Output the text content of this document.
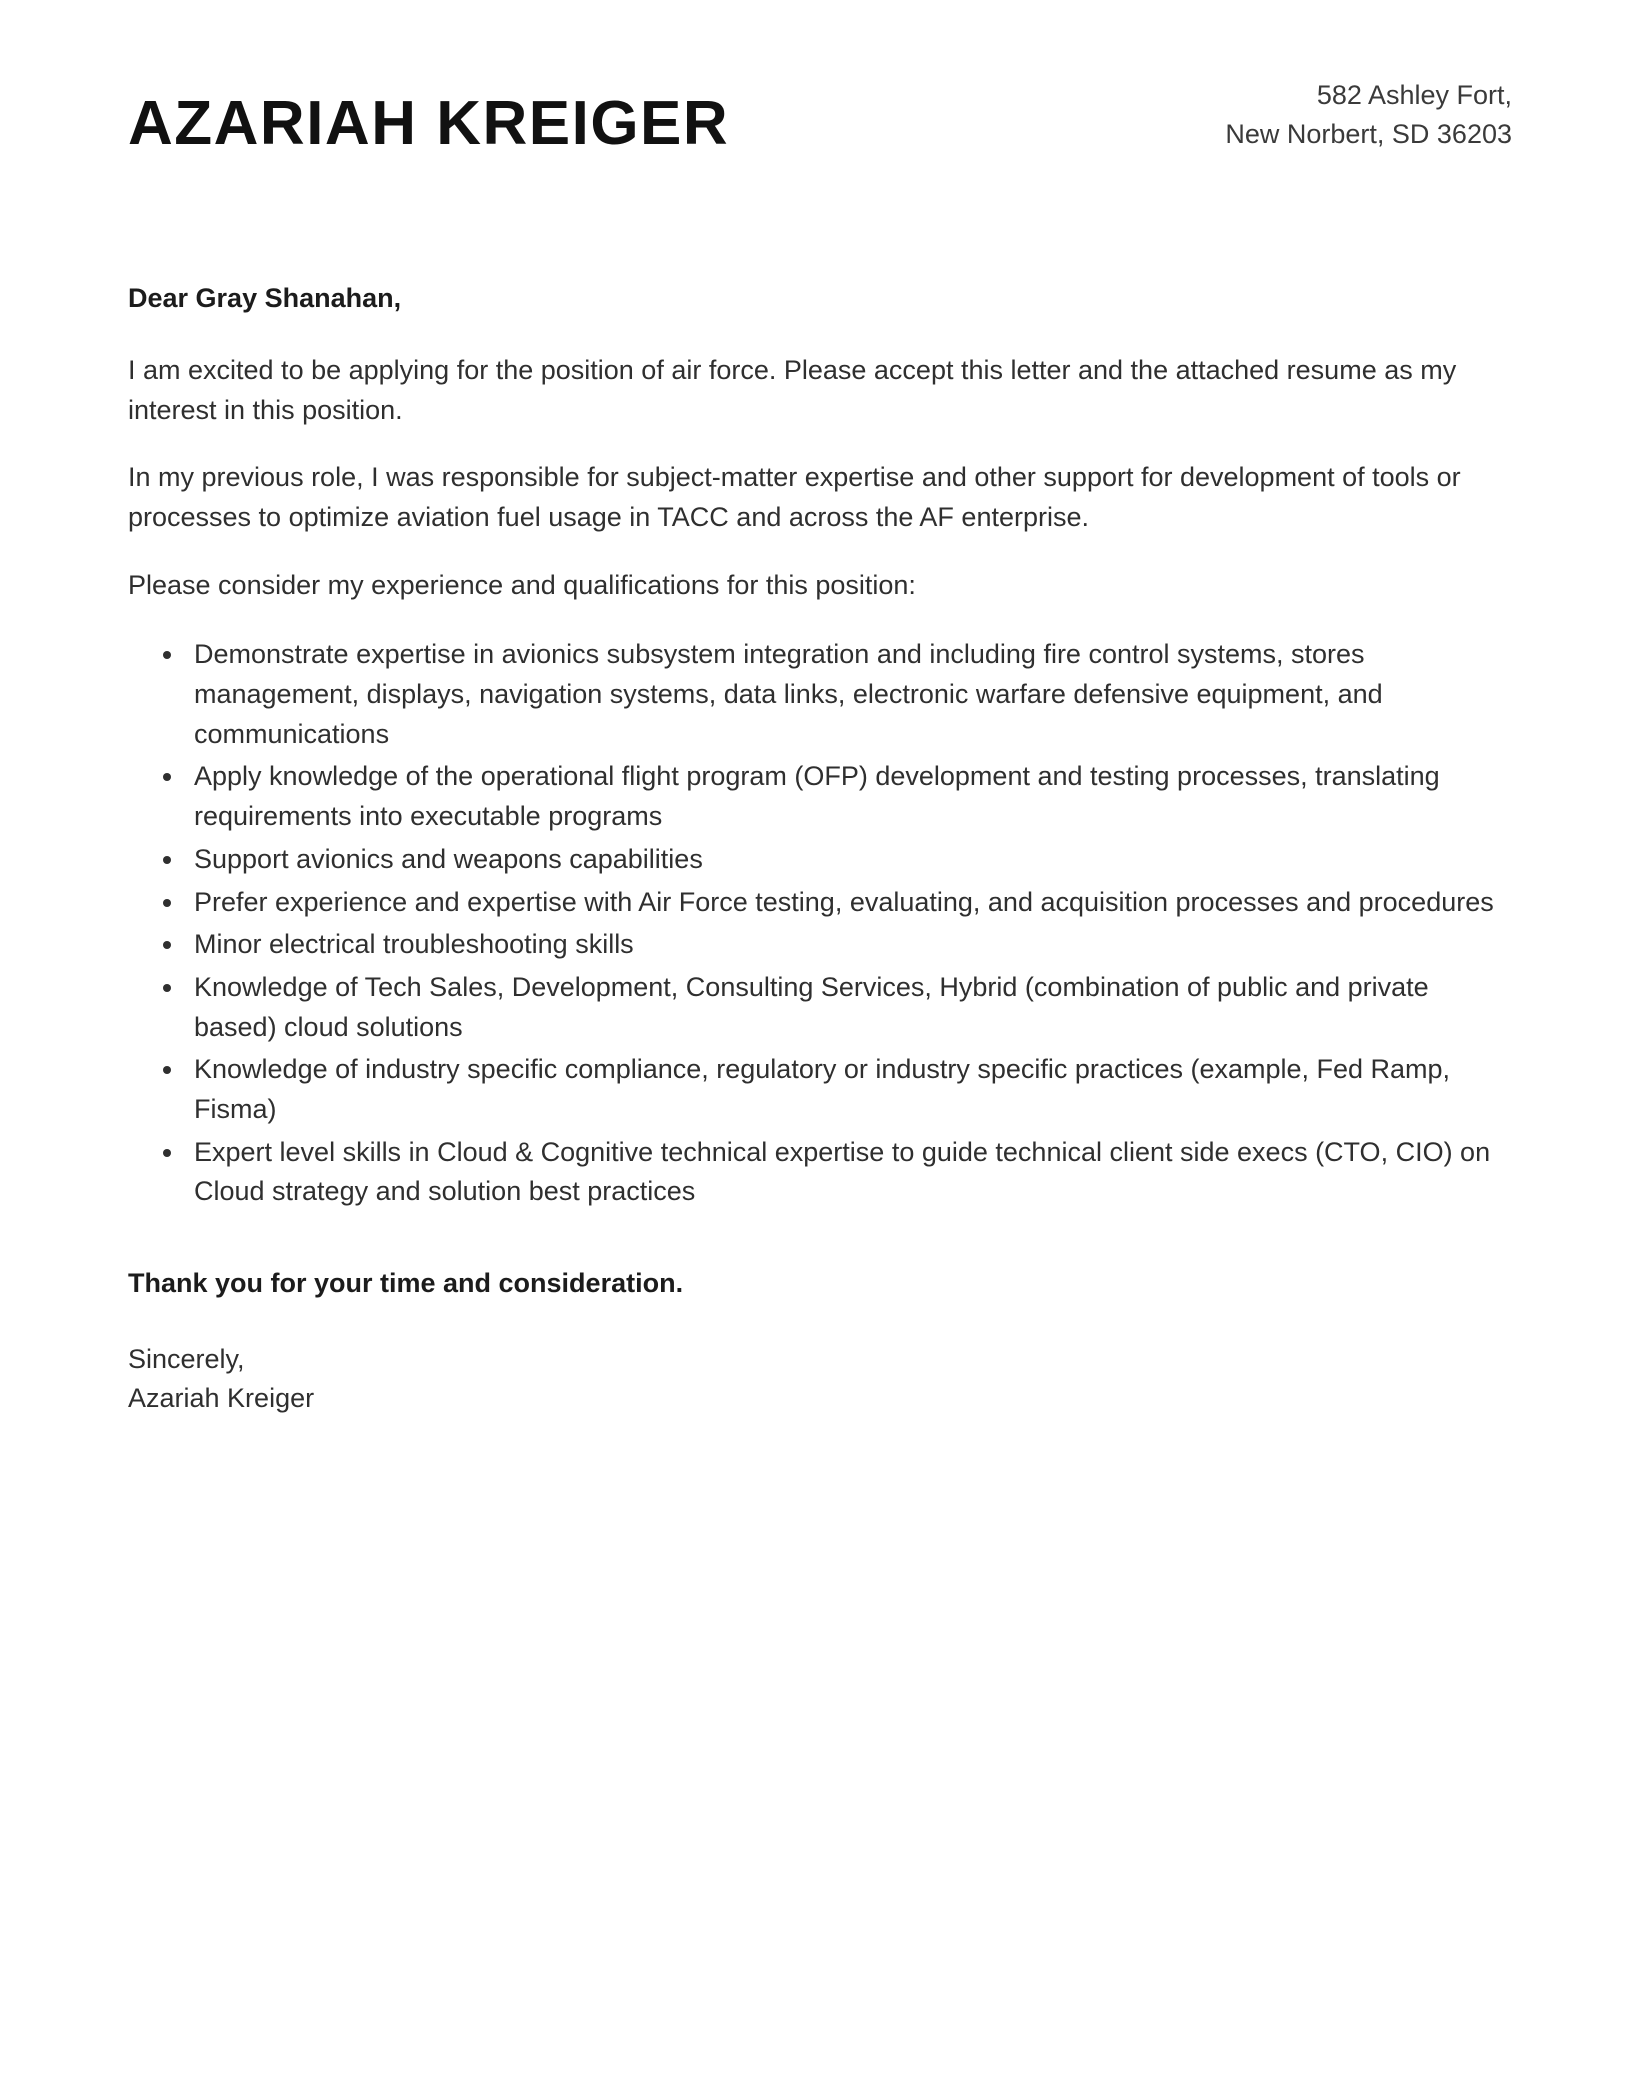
AZARIAH KREIGER	582 Ashley Fort,
New Norbert, SD 36203

Dear Gray Shanahan,

I am excited to be applying for the position of air force. Please accept this letter and the attached resume as my interest in this position.

In my previous role, I was responsible for subject-matter expertise and other support for development of tools or processes to optimize aviation fuel usage in TACC and across the AF enterprise.

Please consider my experience and qualifications for this position:

• Demonstrate expertise in avionics subsystem integration and including fire control systems, stores management, displays, navigation systems, data links, electronic warfare defensive equipment, and communications
• Apply knowledge of the operational flight program (OFP) development and testing processes, translating requirements into executable programs
• Support avionics and weapons capabilities
• Prefer experience and expertise with Air Force testing, evaluating, and acquisition processes and procedures
• Minor electrical troubleshooting skills
• Knowledge of Tech Sales, Development, Consulting Services, Hybrid (combination of public and private based) cloud solutions
• Knowledge of industry specific compliance, regulatory or industry specific practices (example, Fed Ramp, Fisma)
• Expert level skills in Cloud & Cognitive technical expertise to guide technical client side execs (CTO, CIO) on Cloud strategy and solution best practices

Thank you for your time and consideration.

Sincerely,
Azariah Kreiger
